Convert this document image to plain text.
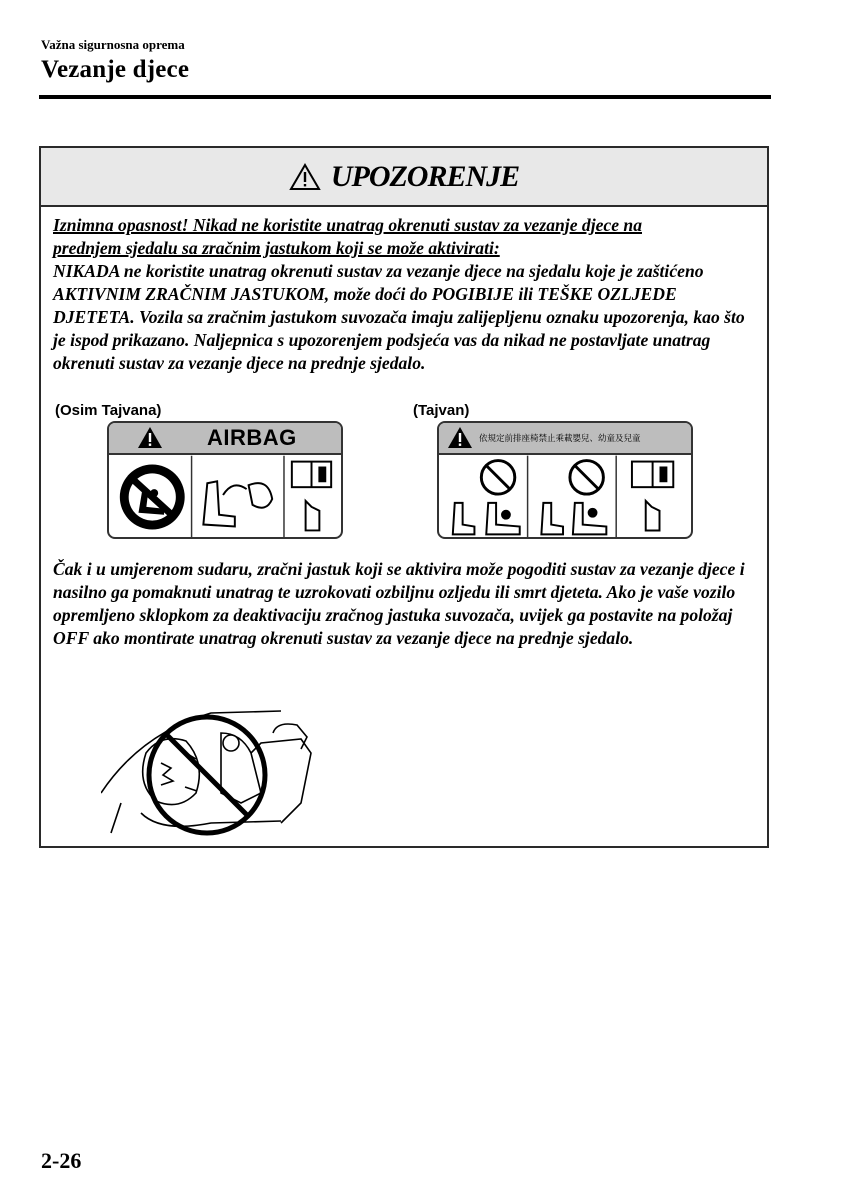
Važna sigurnosna oprema

Vezanje djece
UPOZORENJE
Iznimna opasnost! Nikad ne koristite unatrag okrenuti sustav za vezanje djece na
prednjem sjedalu sa zračnim jastukom koji se može aktivirati:
NIKADA ne koristite unatrag okrenuti sustav za vezanje djece na sjedalu koje je zaštićeno AKTIVNIM ZRAČNIM JASTUKOM, može doći do POGIBIJE ili TEŠKE OZLJEDE DJETETA. Vozila sa zračnim jastukom suvozača imaju zalijepljenu oznaku upozorenja, kao što je ispod prikazano. Naljepnica s upozorenjem podsjeća vas da nikad ne postavljate unatrag okrenuti sustav za vezanje djece na prednje sjedalo.
(Osim Tajvana)	(Tajvan)
AIRBAG	依規定前排座椅禁止乘載嬰兒、幼童及兒童
Čak i u umjerenom sudaru, zračni jastuk koji se aktivira može pogoditi sustav za vezanje djece i nasilno ga pomaknuti unatrag te uzrokovati ozbiljnu ozljedu ili smrt djeteta. Ako je vaše vozilo opremljeno sklopkom za deaktivaciju zračnog jastuka suvozača, uvijek ga postavite na položaj OFF ako montirate unatrag okrenuti sustav za vezanje djece na prednje sjedalo.

2-26
